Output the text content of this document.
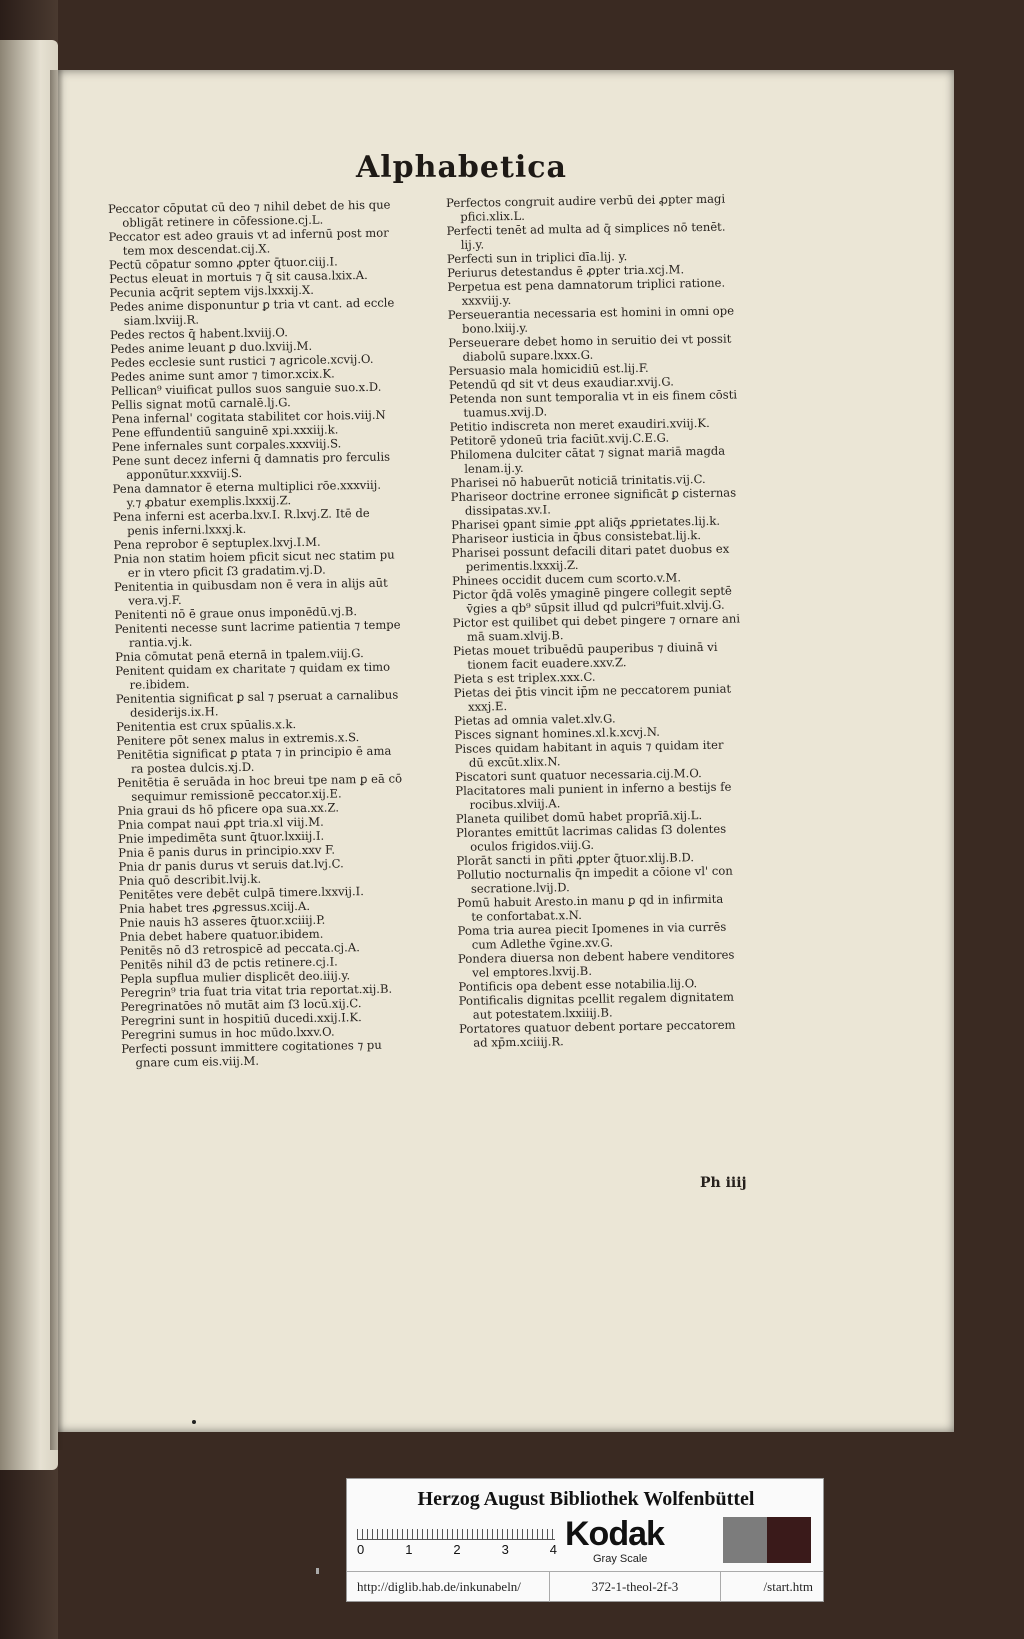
Alphabetica
Peccator cōputat cū deo ⁊ nihil debet de his que
obligāt retinere in cōfessione.cj.L.
Peccator est adeo grauis vt ad infernū post mor
tem mox descendat.cij.X.
Pectū cōpatur somno ꝓpter q̄tuor.ciij.I.
Pectus eleuat in mortuis ⁊ q̄ sit causa.lxix.A.
Pecunia acq̄rit septem vijs.lxxxij.X.
Pedes anime disponuntur ꝑ tria vt cant. ad eccle
siam.lxviij.R.
Pedes rectos q̄ habent.lxviij.O.
Pedes anime leuant ꝑ duo.lxviij.M.
Pedes ecclesie sunt rustici ⁊ agricole.xcvij.O.
Pedes anime sunt amor ⁊ timor.xcix.K.
Pellican⁹ viuificat pullos suos sanguie suo.x.D.
Pellis signat motū carnalē.lj.G.
Pena infernal' cogitata stabilitet cor hois.viij.N
Pene effundentiū sanguinē xpi.xxxiij.k.
Pene infernales sunt corpales.xxxviij.S.
Pene sunt decez inferni q̄ damnatis pro ferculis
apponūtur.xxxviij.S.
Pena damnator ē eterna multiplici rōe.xxxviij.
y.⁊ ꝓbatur exemplis.lxxxij.Z.
Pena inferni est acerba.lxv.I. R.lxvj.Z. Itē de
penis inferni.lxxxj.k.
Pena reprobor ē septuplex.lxvj.I.M.
Pnia non statim hoiem pficit sicut nec statim pu
er in vtero pficit ſ3 gradatim.vj.D.
Penitentia in quibusdam non ē vera in alijs aūt
vera.vj.F.
Penitenti nō ē graue onus imponēdū.vj.B.
Penitenti necesse sunt lacrime patientia ⁊ tempe
rantia.vj.k.
Pnia cōmutat penā eternā in tpalem.viij.G.
Penitent quidam ex charitate ⁊ quidam ex timo
re.ibidem.
Penitentia significat ꝑ sal ⁊ pseruat a carnalibus
desiderijs.ix.H.
Penitentia est crux spūalis.x.k.
Penitere pōt senex malus in extremis.x.S.
Penitētia significat ꝑ ptata ⁊ in principio ē ama
ra postea dulcis.xj.D.
Penitētia ē seruāda in hoc breui tpe nam ꝑ eā cō
sequimur remissionē peccator.xij.E.
Pnia graui ds hō pficere opa sua.xx.Z.
Pnia compat naui ꝓpt tria.xl viij.M.
Pnie impedimēta sunt q̄tuor.lxxiij.I.
Pnia ē panis durus in principio.xxv F.
Pnia dr panis durus vt seruis dat.lvj.C.
Pnia quō describit.lvij.k.
Penitētes vere debēt culpā timere.lxxvij.I.
Pnia habet tres ꝓgressus.xciij.A.
Pnie nauis h3 asseres q̄tuor.xciiij.P.
Pnia debet habere quatuor.ibidem.
Penitēs nō d3 retrospicē ad peccata.cj.A.
Penitēs nihil d3 de pctis retinere.cj.I.
Pepla supflua mulier displicēt deo.iiij.y.
Peregrin⁹ tria fuat tria vitat tria reportat.xij.B.
Peregrinatōes nō mutāt aim ſ3 locū.xij.C.
Peregrini sunt in hospitiū ducedi.xxij.I.K.
Peregrini sumus in hoc mūdo.lxxv.O.
Perfecti possunt immittere cogitationes ⁊ pu
gnare cum eis.viij.M.
Perfectos congruit audire verbū dei ꝓpter magi
pfici.xlix.L.
Perfecti tenēt ad multa ad q̄ simplices nō tenēt.
lij.y.
Perfecti sun in triplici dīa.lij. y.
Periurus detestandus ē ꝓpter tria.xcj.M.
Perpetua est pena damnatorum triplici ratione.
xxxviij.y.
Perseuerantia necessaria est homini in omni ope
bono.lxiij.y.
Perseuerare debet homo in seruitio dei vt possit
diabolū supare.lxxx.G.
Persuasio mala homicidiū est.lij.F.
Petendū qd sit vt deus exaudiar.xvij.G.
Petenda non sunt temporalia vt in eis finem cōsti
tuamus.xvij.D.
Petitio indiscreta non meret exaudiri.xviij.K.
Petitorē ydoneū tria faciūt.xvij.C.E.G.
Philomena dulciter cātat ⁊ signat mariā magda
lenam.ij.y.
Pharisei nō habuerūt noticiā trinitatis.vij.C.
Phariseor doctrine erronee significāt ꝑ cisternas
dissipatas.xv.I.
Pharisei ꝯpant simie ꝓpt aliq̄s ꝓprietates.lij.k.
Phariseor iusticia in q̄bus consistebat.lij.k.
Pharisei possunt defacili ditari patet duobus ex
perimentis.lxxxij.Z.
Phinees occidit ducem cum scorto.v.M.
Pictor q̄dā volēs ymaginē pingere collegit septē
v̄gies a qb⁹ sūpsit illud qd pulcri⁹fuit.xlvij.G.
Pictor est quilibet qui debet pingere ⁊ ornare ani
mā suam.xlvij.B.
Pietas mouet tribuēdū pauperibus ⁊ diuinā vi
tionem facit euadere.xxv.Z.
Pieta s est triplex.xxx.C.
Pietas dei p̄tis vincit ip̄m ne peccatorem puniat
xxxj.E.
Pietas ad omnia valet.xlv.G.
Pisces signant homines.xl.k.xcvj.N.
Pisces quidam habitant in aquis ⁊ quidam iter
dū excūt.xlix.N.
Piscatori sunt quatuor necessaria.cij.M.O.
Placitatores mali punient in inferno a bestijs fe
rocibus.xlviij.A.
Planeta quilibet domū habet proprīā.xij.L.
Plorantes emittūt lacrimas calidas ſ3 dolentes
oculos frigidos.viij.G.
Plorāt sancti in pñti ꝓpter q̄tuor.xlij.B.D.
Pollutio nocturnalis q̄n impedit a cōione vl' con
secratione.lvij.D.
Pomū habuit Aresto.in manu ꝑ qd in infirmita
te confortabat.x.N.
Poma tria aurea piecit Ipomenes in via currēs
cum Adlethe v̄gine.xv.G.
Pondera diuersa non debent habere venditores
vel emptores.lxvij.B.
Pontificis opa debent esse notabilia.lij.O.
Pontificalis dignitas pcellit regalem dignitatem
aut potestatem.lxxiiij.B.
Portatores quatuor debent portare peccatorem
ad xp̄m.xciiij.R.
Ph iiij
Herzog August Bibliothek Wolfenbüttel
0	1	2	3	4 Kodak
Gray Scale
http://diglib.hab.de/inkunabeln/	372-1-theol-2f-3	/start.htm
